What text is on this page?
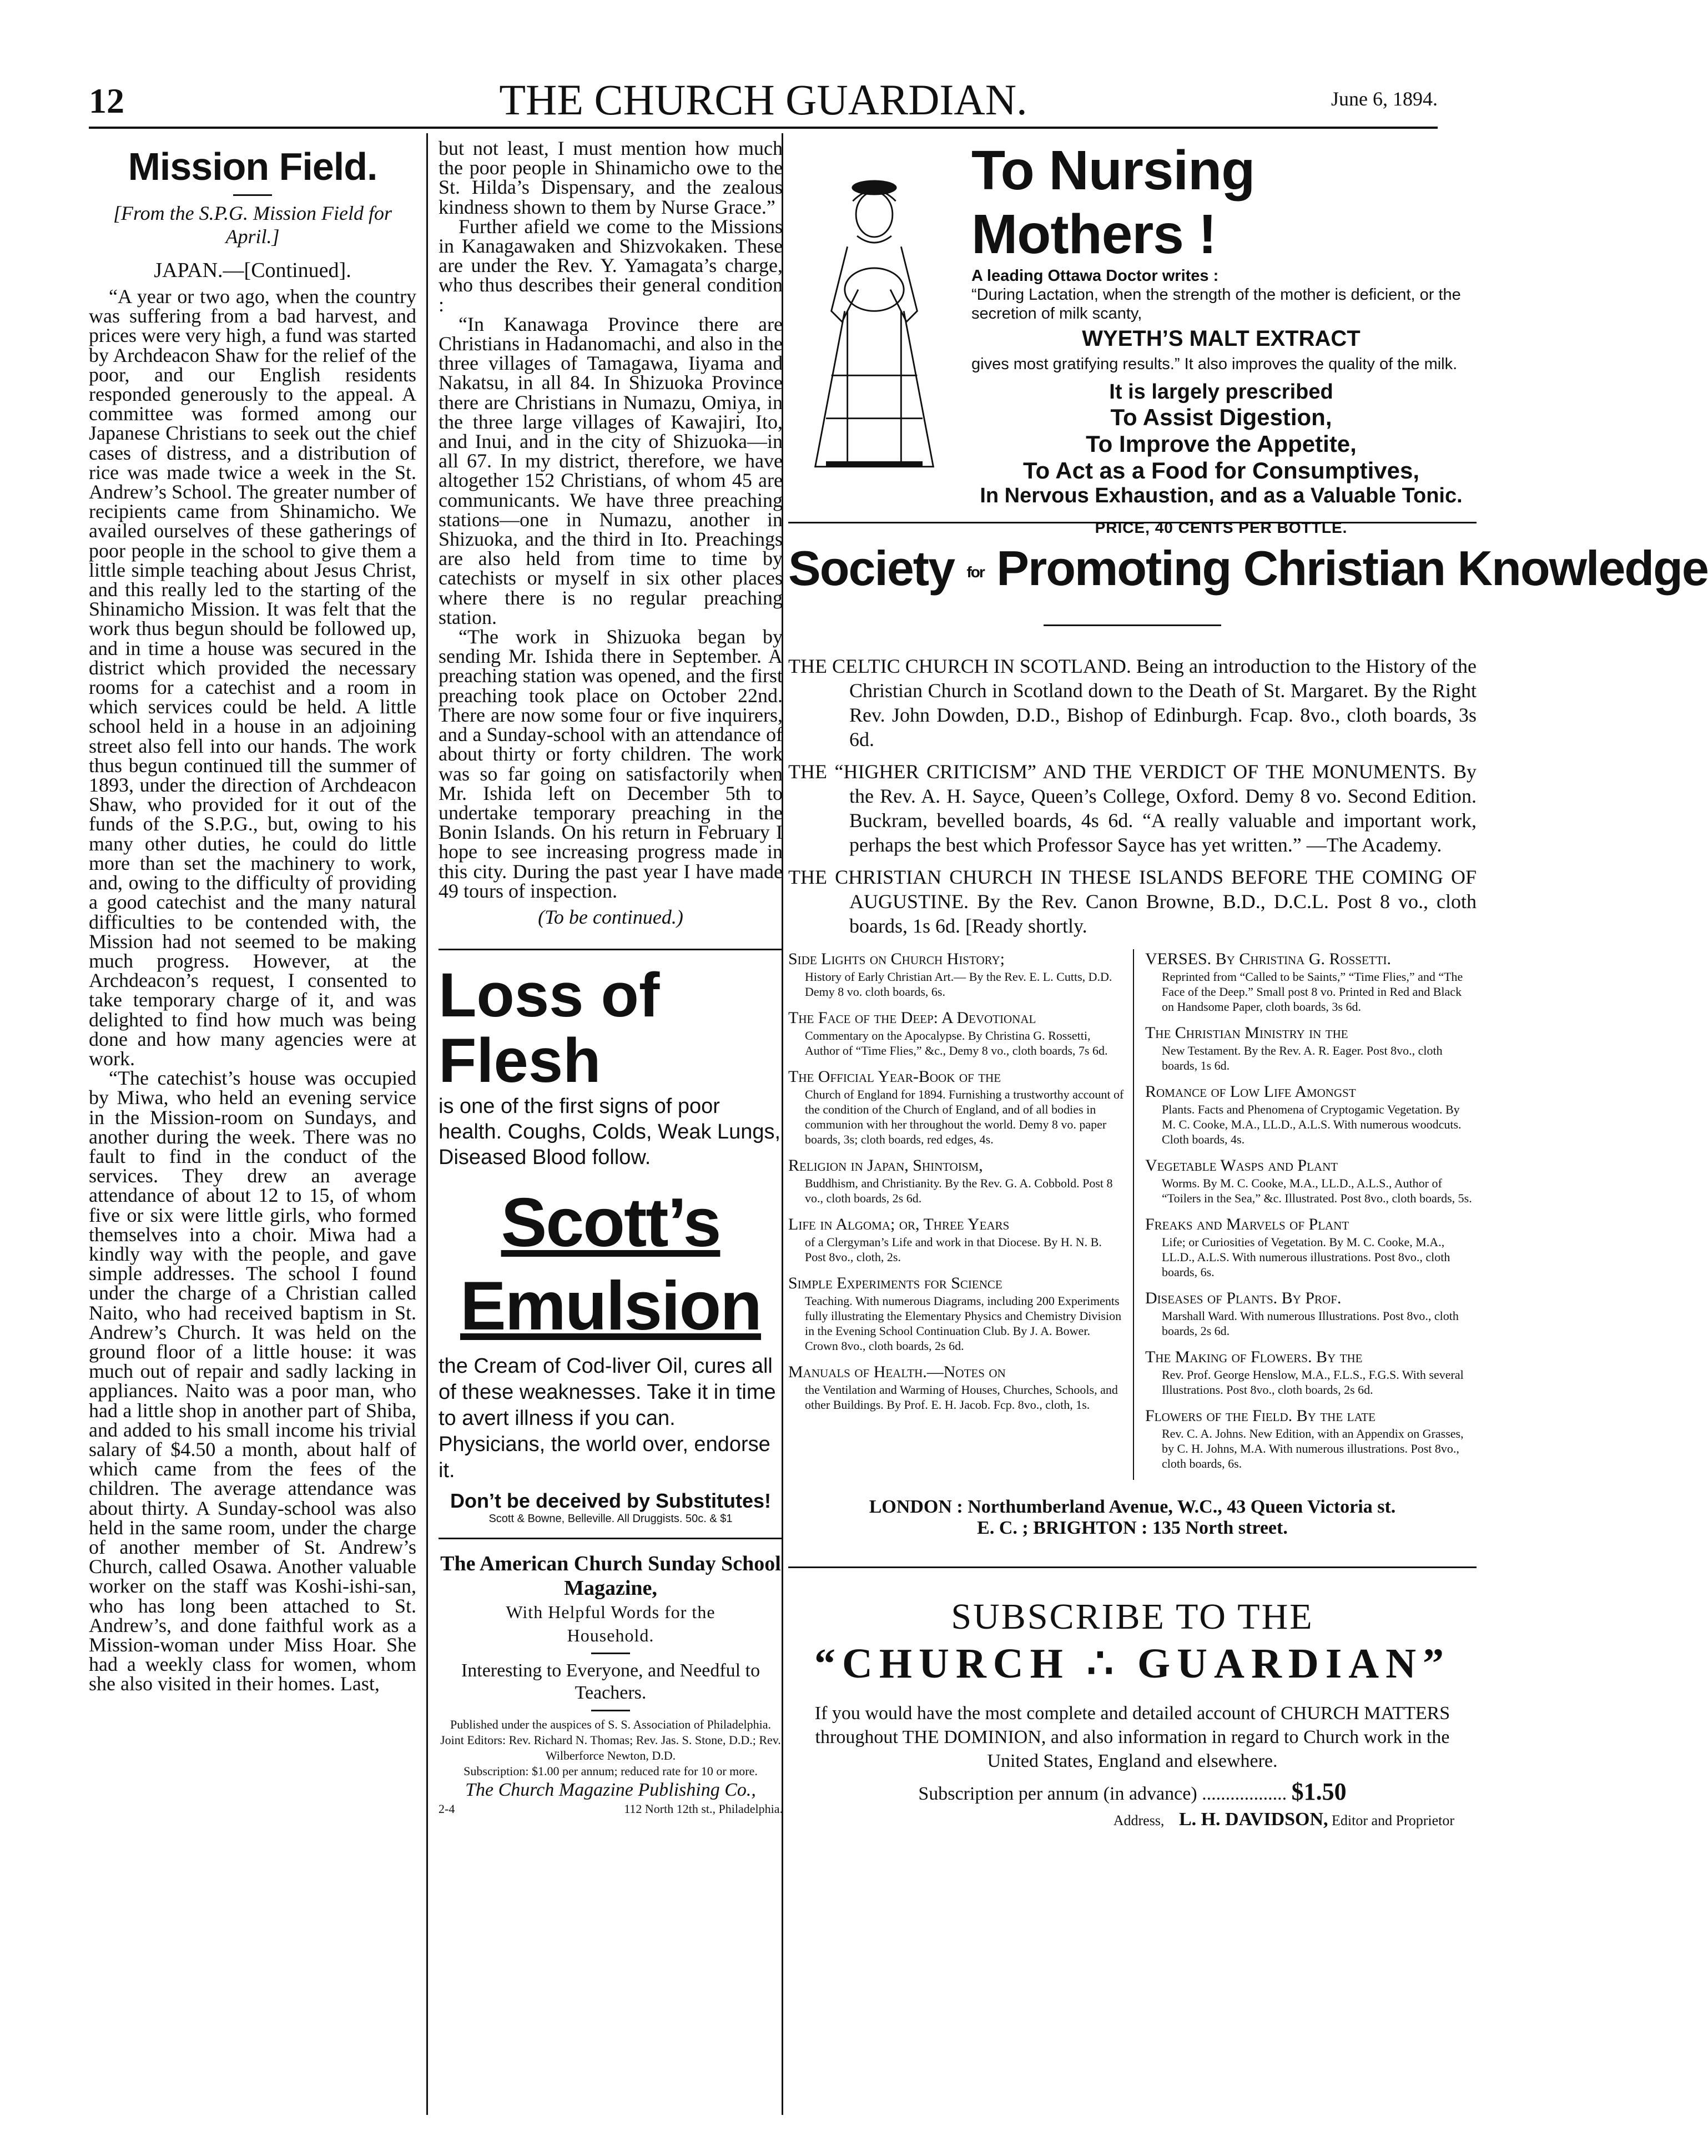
12	THE CHURCH GUARDIAN.	June 6, 1894.
Mission Field.
[From the S.P.G. Mission Field for April.]
JAPAN.—[Continued].

“A year or two ago, when the country was suffering from a bad harvest, and prices were very high, a fund was started by Archdeacon Shaw for the relief of the poor, and our English residents responded generously to the appeal. A committee was formed among our Japanese Christians to seek out the chief cases of distress, and a distribution of rice was made twice a week in the St. Andrew’s School. The greater number of recipients came from Shinamicho. We availed ourselves of these gatherings of poor people in the school to give them a little simple teaching about Jesus Christ, and this really led to the starting of the Shinamicho Mission. It was felt that the work thus begun should be followed up, and in time a house was secured in the district which provided the necessary rooms for a catechist and a room in which services could be held. A little school held in a house in an adjoining street also fell into our hands. The work thus begun continued till the summer of 1893, under the direction of Archdeacon Shaw, who provided for it out of the funds of the S.P.G., but, owing to his many other duties, he could do little more than set the machinery to work, and, owing to the difficulty of providing a good catechist and the many natural difficulties to be contended with, the Mission had not seemed to be making much progress. However, at the Archdeacon’s request, I consented to take temporary charge of it, and was delighted to find how much was being done and how many agencies were at work.

“The catechist’s house was occupied by Miwa, who held an evening service in the Mission-room on Sundays, and another during the week. There was no fault to find in the conduct of the services. They drew an average attendance of about 12 to 15, of whom five or six were little girls, who formed themselves into a choir. Miwa had a kindly way with the people, and gave simple addresses. The school I found under the charge of a Christian called Naito, who had received baptism in St. Andrew’s Church. It was held on the ground floor of a little house: it was much out of repair and sadly lacking in appliances. Naito was a poor man, who had a little shop in another part of Shiba, and added to his small income his trivial salary of $4.50 a month, about half of which came from the fees of the children. The average attendance was about thirty. A Sunday-school was also held in the same room, under the charge of another member of St. Andrew’s Church, called Osawa. Another valuable worker on the staff was Koshi-ishi-san, who has long been attached to St. Andrew’s, and done faithful work as a Mission-woman under Miss Hoar. She had a weekly class for women, whom she also visited in their homes. Last,

but not least, I must mention how much the poor people in Shinamicho owe to the St. Hilda’s Dispensary, and the zealous kindness shown to them by Nurse Grace.”

Further afield we come to the Missions in Kanagawaken and Shizvokaken. These are under the Rev. Y. Yamagata’s charge, who thus describes their general condition :

“In Kanawaga Province there are Christians in Hadanomachi, and also in the three villages of Tamagawa, Iiyama and Nakatsu, in all 84. In Shizuoka Province there are Christians in Numazu, Omiya, in the three large villages of Kawajiri, Ito, and Inui, and in the city of Shizuoka—in all 67. In my district, therefore, we have altogether 152 Christians, of whom 45 are communicants. We have three preaching stations—one in Numazu, another in Shizuoka, and the third in Ito. Preachings are also held from time to time by catechists or myself in six other places where there is no regular preaching station.

“The work in Shizuoka began by sending Mr. Ishida there in September. A preaching station was opened, and the first preaching took place on October 22nd. There are now some four or five inquirers, and a Sunday-school with an attendance of about thirty or forty children. The work was so far going on satisfactorily when Mr. Ishida left on December 5th to undertake temporary preaching in the Bonin Islands. On his return in February I hope to see increasing progress made in this city. During the past year I have made 49 tours of inspection.

(To be continued.)
Loss of Flesh
is one of the first signs of poor health. Coughs, Colds, Weak Lungs, Diseased Blood follow.
Scott’s
Emulsion
the Cream of Cod-liver Oil, cures all of these weaknesses. Take it in time to avert illness if you can. Physicians, the world over, endorse it.
Don’t be deceived by Substitutes!
Scott & Bowne, Belleville. All Druggists. 50c. & $1
The American Church Sunday School Magazine,
With Helpful Words for the
Household.
Interesting to Everyone, and Needful to Teachers.
Published under the auspices of S. S. Association of Philadelphia.
Joint Editors: Rev. Richard N. Thomas; Rev. Jas. S. Stone, D.D.; Rev. Wilberforce Newton, D.D.
Subscription: $1.00 per annum; reduced rate for 10 or more.
The Church Magazine Publishing Co.,
2-4	112 North 12th st., Philadelphia.
To Nursing Mothers !
A leading Ottawa Doctor writes :
“During Lactation, when the strength of the mother is deficient, or the secretion of milk scanty,
WYETH’S MALT EXTRACT
gives most gratifying results.” It also improves the quality of the milk.
It is largely prescribed
To Assist Digestion,
To Improve the Appetite,
To Act as a Food for Consumptives,
In Nervous Exhaustion, and as a Valuable Tonic.
PRICE, 40 CENTS PER BOTTLE.
Society for Promoting Christian Knowledge
THE CELTIC CHURCH IN SCOTLAND. Being an introduction to the History of the Christian Church in Scotland down to the Death of St. Margaret. By the Right Rev. John Dowden, D.D., Bishop of Edinburgh. Fcap. 8vo., cloth boards, 3s 6d.
THE “HIGHER CRITICISM” AND THE VERDICT OF THE MONUMENTS. By the Rev. A. H. Sayce, Queen’s College, Oxford. Demy 8 vo. Second Edition. Buckram, bevelled boards, 4s 6d. “A really valuable and important work, perhaps the best which Professor Sayce has yet written.” —The Academy.
THE CHRISTIAN CHURCH IN THESE ISLANDS BEFORE THE COMING OF AUGUSTINE. By the Rev. Canon Browne, B.D., D.C.L. Post 8 vo., cloth boards, 1s 6d. [Ready shortly.
Side Lights on Church History;
History of Early Christian Art.— By the Rev. E. L. Cutts, D.D. Demy 8 vo. cloth boards, 6s.
The Face of the Deep: A Devotional
Commentary on the Apocalypse. By Christina G. Rossetti, Author of “Time Flies,” &c., Demy 8 vo., cloth boards, 7s 6d.
The Official Year-Book of the
Church of England for 1894. Furnishing a trustworthy account of the condition of the Church of England, and of all bodies in communion with her throughout the world. Demy 8 vo. paper boards, 3s; cloth boards, red edges, 4s.
Religion in Japan, Shintoism,
Buddhism, and Christianity. By the Rev. G. A. Cobbold. Post 8 vo., cloth boards, 2s 6d.
Life in Algoma; or, Three Years
of a Clergyman’s Life and work in that Diocese. By H. N. B. Post 8vo., cloth, 2s.
Simple Experiments for Science
Teaching. With numerous Diagrams, including 200 Experiments fully illustrating the Elementary Physics and Chemistry Division in the Evening School Continuation Club. By J. A. Bower. Crown 8vo., cloth boards, 2s 6d.
Manuals of Health.—Notes on
the Ventilation and Warming of Houses, Churches, Schools, and other Buildings. By Prof. E. H. Jacob. Fcp. 8vo., cloth, 1s.
VERSES. By Christina G. Rossetti.
Reprinted from “Called to be Saints,” “Time Flies,” and “The Face of the Deep.” Small post 8 vo. Printed in Red and Black on Handsome Paper, cloth boards, 3s 6d.
The Christian Ministry in the
New Testament. By the Rev. A. R. Eager. Post 8vo., cloth boards, 1s 6d.
Romance of Low Life Amongst
Plants. Facts and Phenomena of Cryptogamic Vegetation. By M. C. Cooke, M.A., LL.D., A.L.S. With numerous woodcuts. Cloth boards, 4s.
Vegetable Wasps and Plant
Worms. By M. C. Cooke, M.A., LL.D., A.L.S., Author of “Toilers in the Sea,” &c. Illustrated. Post 8vo., cloth boards, 5s.
Freaks and Marvels of Plant
Life; or Curiosities of Vegetation. By M. C. Cooke, M.A., LL.D., A.L.S. With numerous illustrations. Post 8vo., cloth boards, 6s.
Diseases of Plants. By Prof.
Marshall Ward. With numerous Illustrations. Post 8vo., cloth boards, 2s 6d.
The Making of Flowers. By the
Rev. Prof. George Henslow, M.A., F.L.S., F.G.S. With several Illustrations. Post 8vo., cloth boards, 2s 6d.
Flowers of the Field. By the late
Rev. C. A. Johns. New Edition, with an Appendix on Grasses, by C. H. Johns, M.A. With numerous illustrations. Post 8vo., cloth boards, 6s.
LONDON : Northumberland Avenue, W.C., 43 Queen Victoria st.
E. C. ; BRIGHTON : 135 North street.
SUBSCRIBE TO THE
“CHURCH ∴ GUARDIAN”
If you would have the most complete and detailed account of CHURCH MATTERS throughout THE DOMINION, and also information in regard to Church work in the United States, England and elsewhere.
Subscription per annum (in advance) .................. $1.50
Address, L. H. DAVIDSON, Editor and Proprietor
